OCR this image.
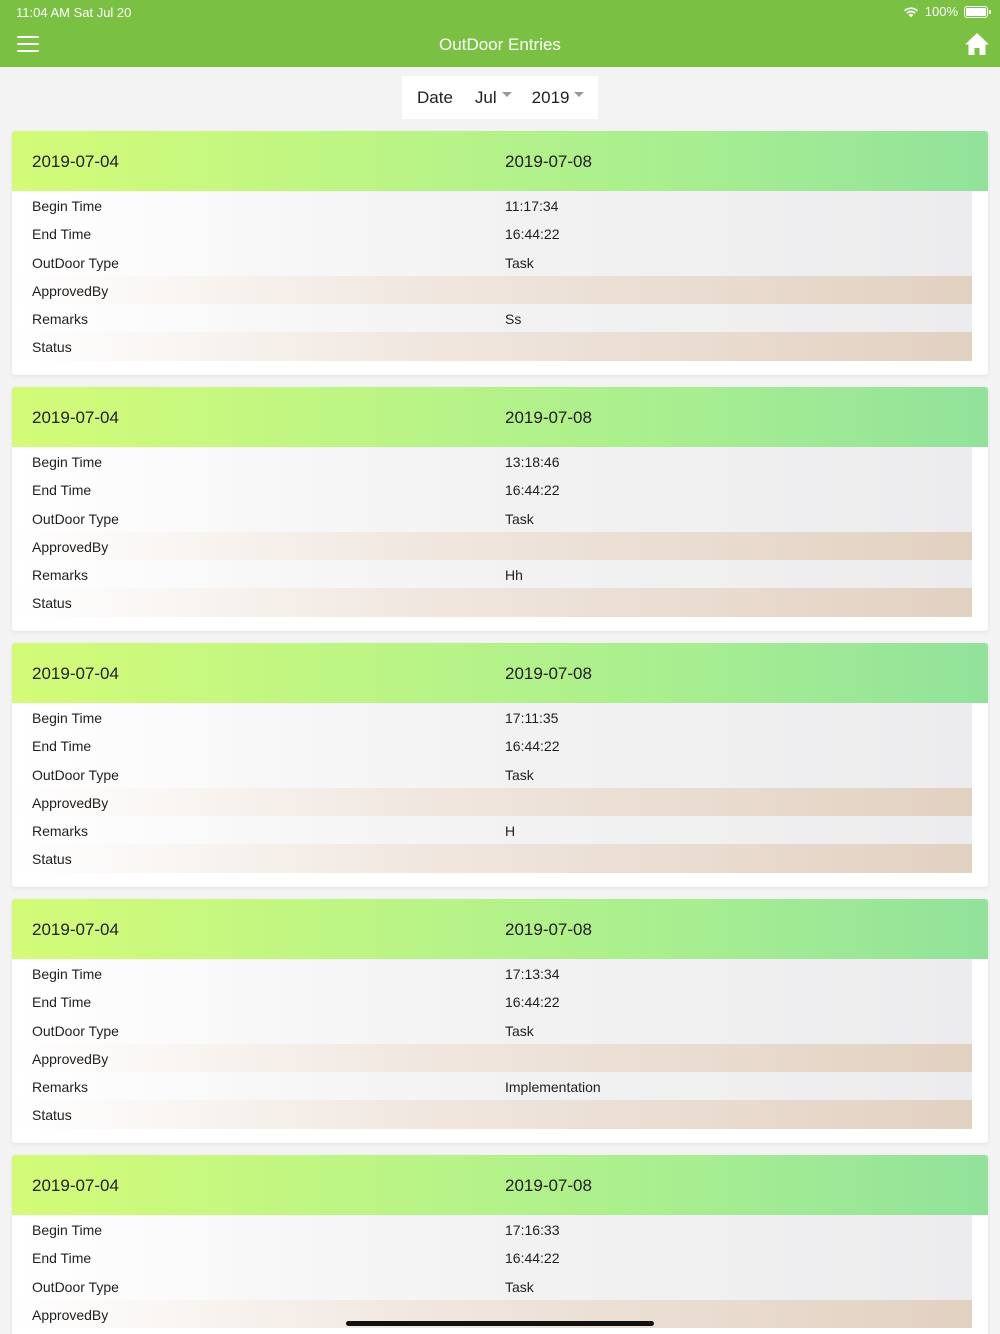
11:04 AM Sat Jul 20	100%
OutDoor Entries
Date Jul 2019
2019-07-04	2019-07-08
Begin Time	11:17:34
End Time	16:44:22
OutDoor Type	Task
ApprovedBy
Remarks	Ss
Status
2019-07-04	2019-07-08
Begin Time	13:18:46
End Time	16:44:22
OutDoor Type	Task
ApprovedBy
Remarks	Hh
Status
2019-07-04	2019-07-08
Begin Time	17:11:35
End Time	16:44:22
OutDoor Type	Task
ApprovedBy
Remarks	H
Status
2019-07-04	2019-07-08
Begin Time	17:13:34
End Time	16:44:22
OutDoor Type	Task
ApprovedBy
Remarks	Implementation
Status
2019-07-04	2019-07-08
Begin Time	17:16:33
End Time	16:44:22
OutDoor Type	Task
ApprovedBy
